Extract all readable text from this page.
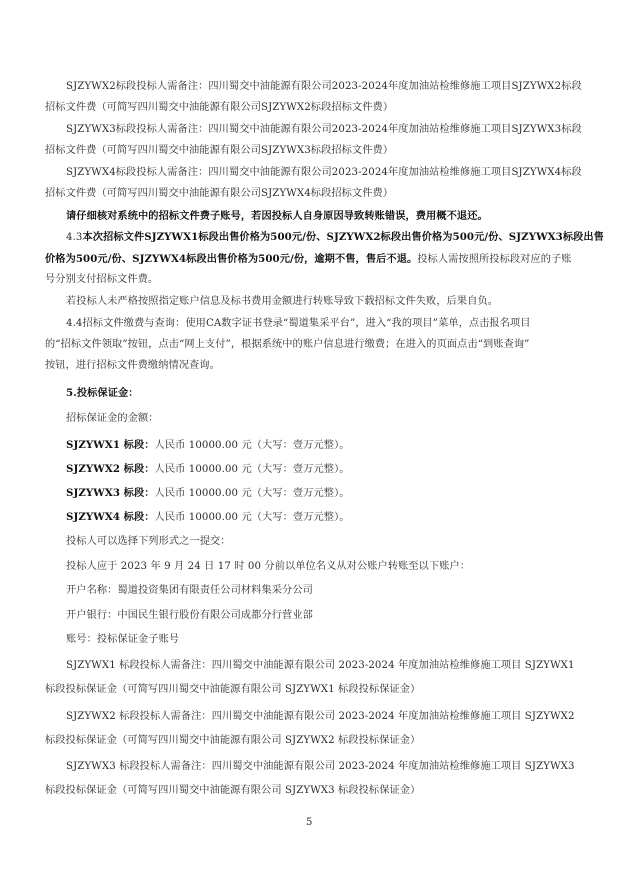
SJZYWX2标段投标人需备注：四川蜀交中油能源有限公司2023-2024年度加油站检维修施工项目SJZYWX2标段
招标文件费（可简写四川蜀交中油能源有限公司SJZYWX2标段招标文件费）
SJZYWX3标段投标人需备注：四川蜀交中油能源有限公司2023-2024年度加油站检维修施工项目SJZYWX3标段
招标文件费（可简写四川蜀交中油能源有限公司SJZYWX3标段招标文件费）
SJZYWX4标段投标人需备注：四川蜀交中油能源有限公司2023-2024年度加油站检维修施工项目SJZYWX4标段
招标文件费（可简写四川蜀交中油能源有限公司SJZYWX4标段招标文件费）
请仔细核对系统中的招标文件费子账号，若因投标人自身原因导致转账错误，费用概不退还。
4.3本次招标文件SJZYWX1标段出售价格为500元/份、SJZYWX2标段出售价格为500元/份、SJZYWX3标段出售
价格为500元/份、SJZYWX4标段出售价格为500元/份，逾期不售，售后不退。投标人需按照所投标段对应的子账
号分别支付招标文件费。
若投标人未严格按照指定账户信息及标书费用金额进行转账导致下载招标文件失败，后果自负。
4.4招标文件缴费与查询：使用CA数字证书登录“蜀道集采平台”，进入“我的项目”菜单，点击报名项目
的“招标文件领取”按钮，点击“网上支付”，根据系统中的账户信息进行缴费；在进入的页面点击“到账查询”
按钮，进行招标文件费缴纳情况查询。
5.投标保证金：
招标保证金的金额：
SJZYWX1 标段：人民币 10000.00 元（大写：壹万元整）。
SJZYWX2 标段：人民币 10000.00 元（大写：壹万元整）。
SJZYWX3 标段：人民币 10000.00 元（大写：壹万元整）。
SJZYWX4 标段：人民币 10000.00 元（大写：壹万元整）。
投标人可以选择下列形式之一提交：
投标人应于 2023 年 9 月 24 日 17 时 00 分前以单位名义从对公账户转账至以下账户：
开户名称：蜀道投资集团有限责任公司材料集采分公司
开户银行：中国民生银行股份有限公司成都分行营业部
账号：投标保证金子账号
SJZYWX1 标段投标人需备注：四川蜀交中油能源有限公司 2023-2024 年度加油站检维修施工项目 SJZYWX1
标段投标保证金（可简写四川蜀交中油能源有限公司 SJZYWX1 标段投标保证金）
SJZYWX2 标段投标人需备注：四川蜀交中油能源有限公司 2023-2024 年度加油站检维修施工项目 SJZYWX2
标段投标保证金（可简写四川蜀交中油能源有限公司 SJZYWX2 标段投标保证金）
SJZYWX3 标段投标人需备注：四川蜀交中油能源有限公司 2023-2024 年度加油站检维修施工项目 SJZYWX3
标段投标保证金（可简写四川蜀交中油能源有限公司 SJZYWX3 标段投标保证金）
5
